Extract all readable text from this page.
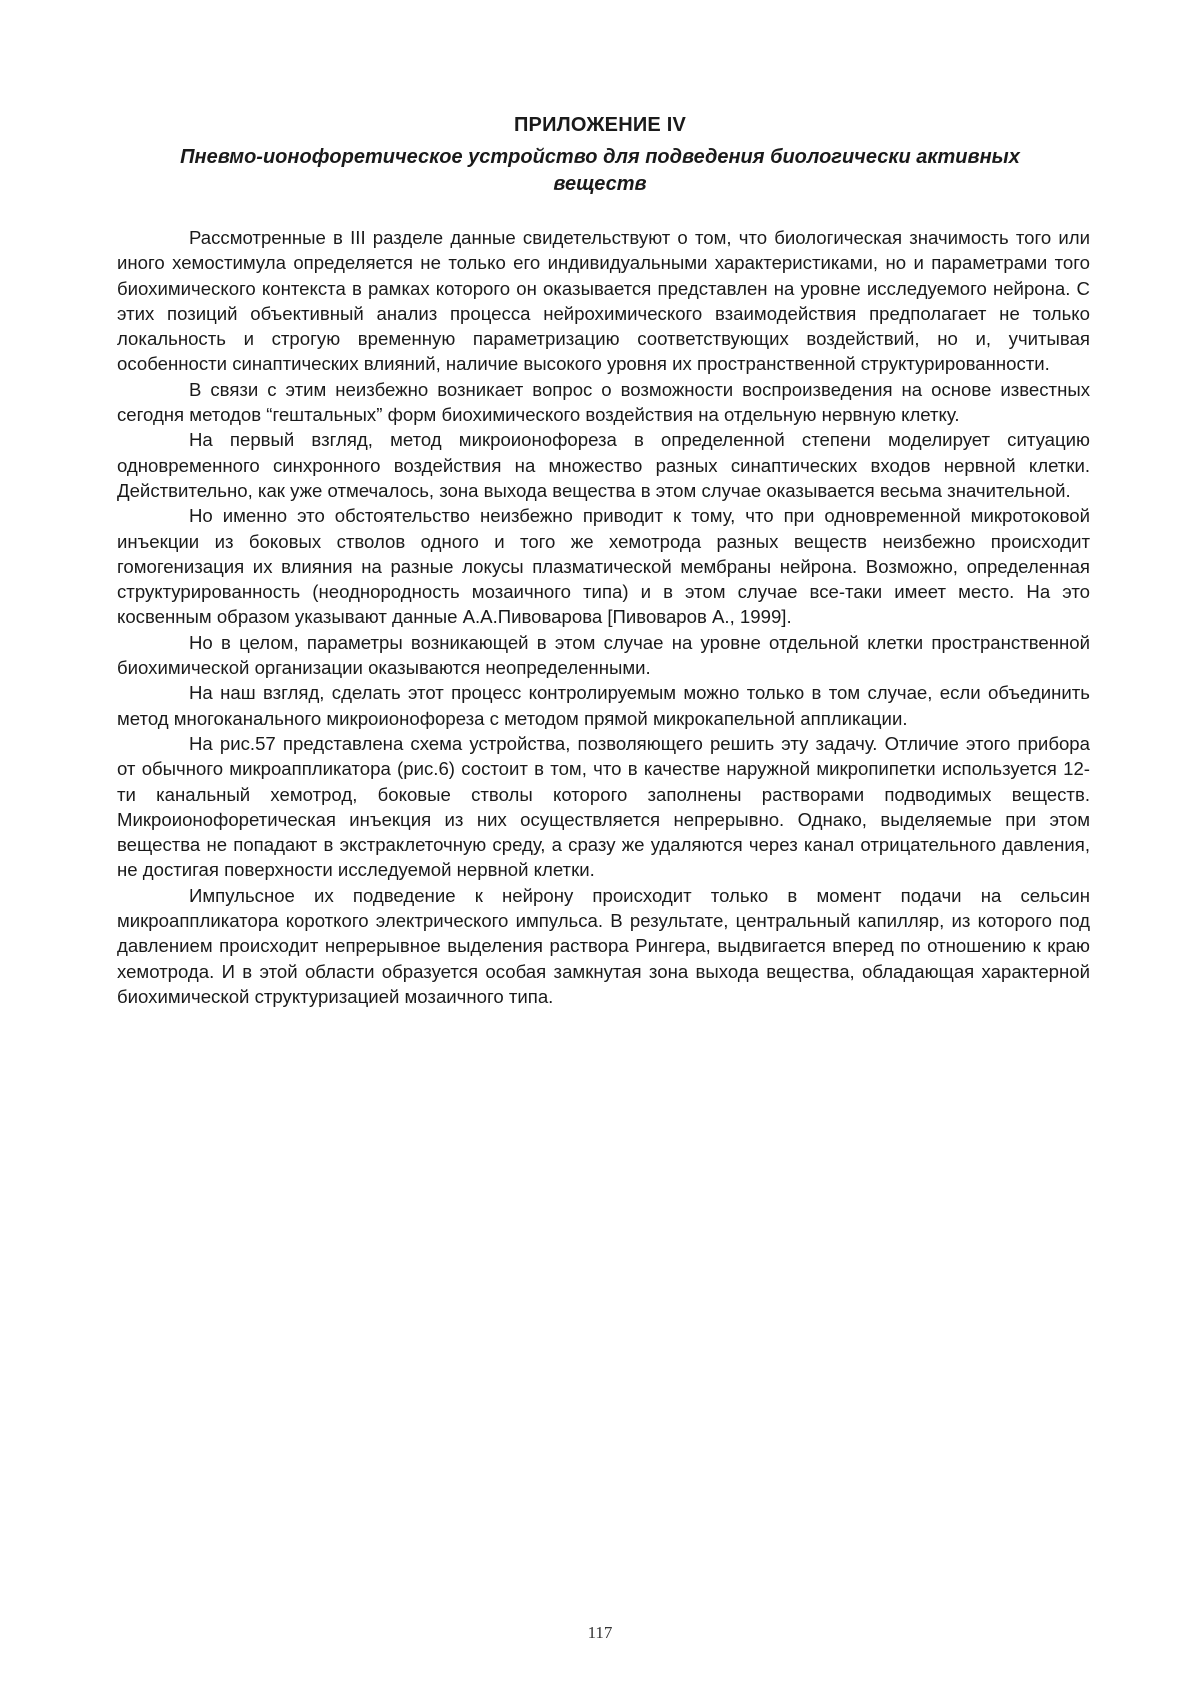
ПРИЛОЖЕНИЕ IV
Пневмо-ионофоретическое устройство для подведения биологически активных веществ

Рассмотренные в III разделе данные свидетельствуют о том, что биологическая значимость того или иного хемостимула определяется не только его индивидуальными характеристиками, но и параметрами того биохимического контекста в рамках которого он оказывается представлен на уровне исследуемого нейрона. С этих позиций объективный анализ процесса нейрохимического взаимодействия предполагает не только локальность и строгую временную параметризацию соответствующих воздействий, но и, учитывая особенности синаптических влияний, наличие высокого уровня их пространственной структурированности.

В связи с этим неизбежно возникает вопрос о возможности воспроизведения на основе известных сегодня методов “гештальных” форм биохимического воздействия на отдельную нервную клетку.

На первый взгляд, метод микроионофореза в определенной степени моделирует ситуацию одновременного синхронного воздействия на множество разных синаптических входов нервной клетки. Действительно, как уже отмечалось, зона выхода вещества в этом случае оказывается весьма значительной.

Но именно это обстоятельство неизбежно приводит к тому, что при одновременной микротоковой инъекции из боковых стволов одного и того же хемотрода разных веществ неизбежно происходит гомогенизация их влияния на разные локусы плазматической мембраны нейрона. Возможно, определенная структурированность (неоднородность мозаичного типа) и в этом случае все-таки имеет место. На это косвенным образом указывают данные А.А.Пивоварова [Пивоваров А., 1999].

Но в целом, параметры возникающей в этом случае на уровне отдельной клетки пространственной биохимической организации оказываются неопределенными.

На наш взгляд, сделать этот процесс контролируемым можно только в том случае, если объединить метод многоканального микроионофореза с методом прямой микрокапельной аппликации.

На рис.57 представлена схема устройства, позволяющего решить эту задачу. Отличие этого прибора от обычного микроаппликатора (рис.6) состоит в том, что в качестве наружной микропипетки используется 12-ти канальный хемотрод, боковые стволы которого заполнены растворами подводимых веществ. Микроионофоретическая инъекция из них осуществляется непрерывно. Однако, выделяемые при этом вещества не попадают в экстраклеточную среду, а сразу же удаляются через канал отрицательного давления, не достигая поверхности исследуемой нервной клетки.

Импульсное их подведение к нейрону происходит только в момент подачи на сельсин микроаппликатора короткого электрического импульса. В результате, центральный капилляр, из которого под давлением происходит непрерывное выделения раствора Рингера, выдвигается вперед по отношению к краю хемотрода. И в этой области образуется особая замкнутая зона выхода вещества, обладающая характерной биохимической структуризацией мозаичного типа.

117
